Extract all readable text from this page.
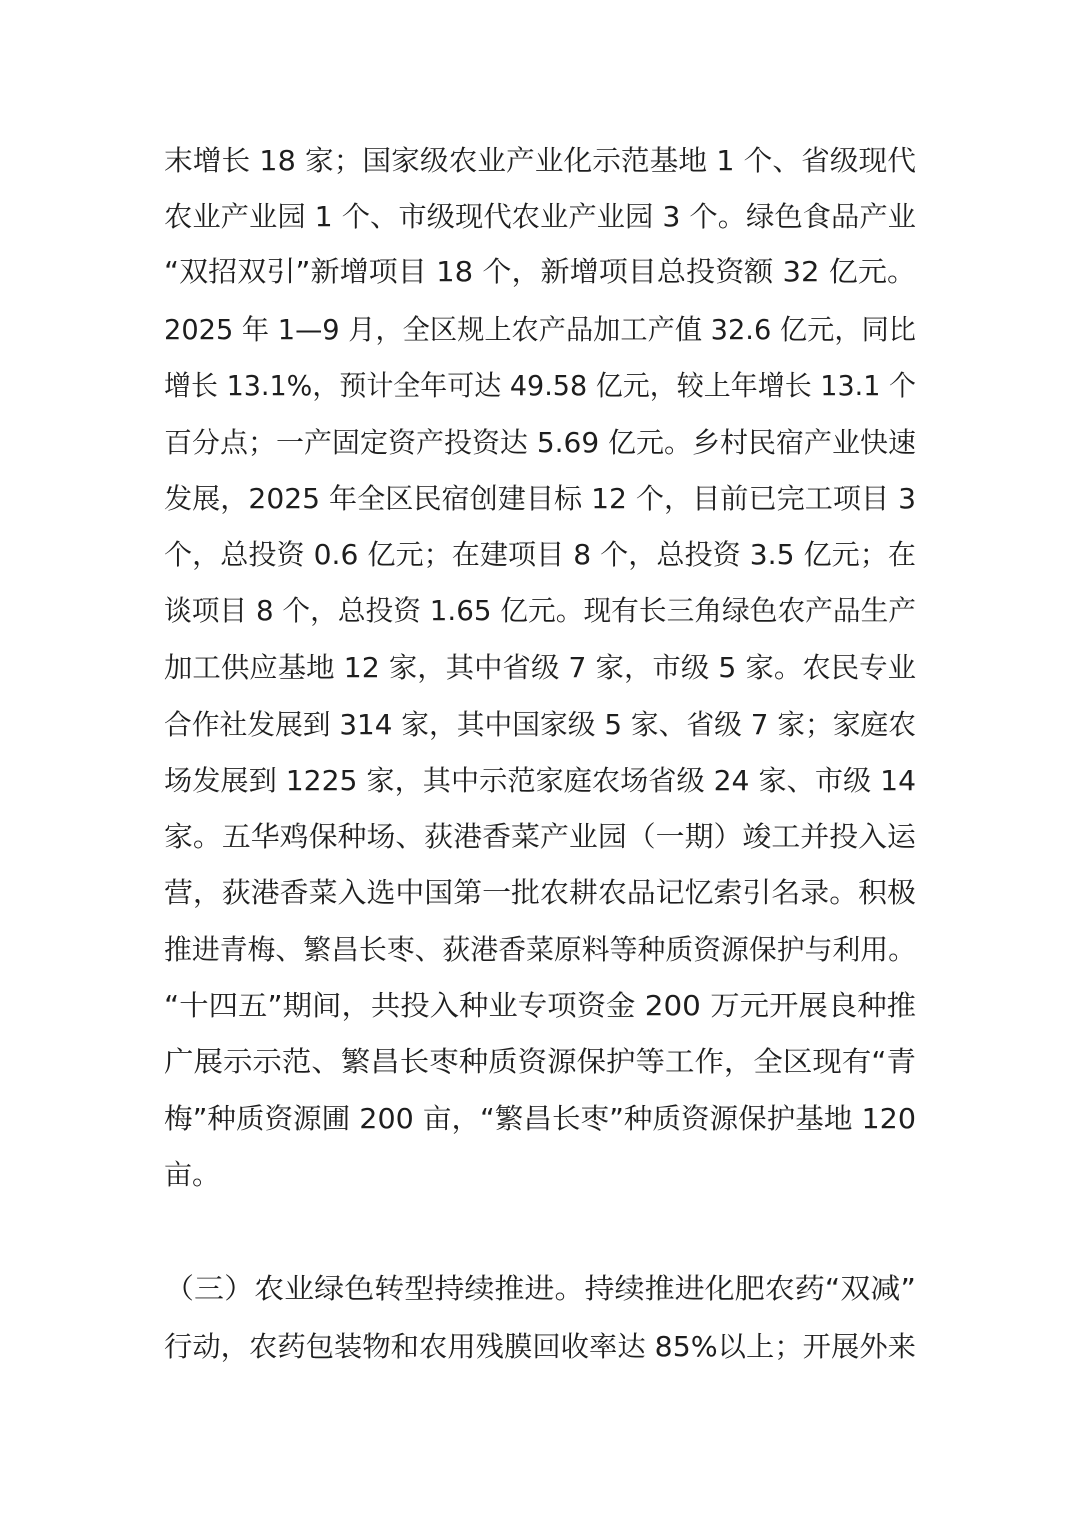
末增长 18 家；国家级农业产业化示范基地 1 个、省级现代
农业产业园 1 个、市级现代农业产业园 3 个。绿色食品产业
“双招双引”新增项目 18 个，新增项目总投资额 32 亿元。
2025 年 1—9 月，全区规上农产品加工产值 32.6 亿元，同比
增长 13.1%，预计全年可达 49.58 亿元，较上年增长 13.1 个
百分点；一产固定资产投资达 5.69 亿元。乡村民宿产业快速
发展，2025 年全区民宿创建目标 12 个，目前已完工项目 3
个，总投资 0.6 亿元；在建项目 8 个，总投资 3.5 亿元；在
谈项目 8 个，总投资 1.65 亿元。现有长三角绿色农产品生产
加工供应基地 12 家，其中省级 7 家，市级 5 家。农民专业
合作社发展到 314 家，其中国家级 5 家、省级 7 家；家庭农
场发展到 1225 家，其中示范家庭农场省级 24 家、市级 14
家。五华鸡保种场、荻港香菜产业园（一期）竣工并投入运
营，荻港香菜入选中国第一批农耕农品记忆索引名录。积极
推进青梅、繁昌长枣、荻港香菜原料等种质资源保护与利用。
“十四五”期间，共投入种业专项资金 200 万元开展良种推
广展示示范、繁昌长枣种质资源保护等工作，全区现有“青
梅”种质资源圃 200 亩，“繁昌长枣”种质资源保护基地 120
亩。
（三）农业绿色转型持续推进。持续推进化肥农药“双减”
行动，农药包装物和农用残膜回收率达 85%以上；开展外来
